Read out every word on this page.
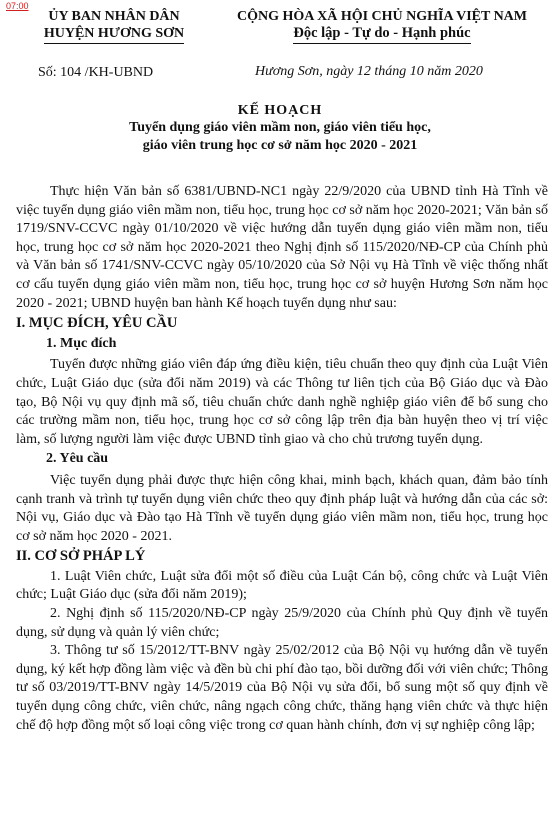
07:00
ỦY BAN NHÂN DÂN
HUYỆN HƯƠNG SƠN
CỘNG HÒA XÃ HỘI CHỦ NGHĨA VIỆT NAM
Độc lập - Tự do - Hạnh phúc
Số: 104 /KH-UBND	Hương Sơn, ngày 12 tháng 10 năm 2020
KẾ HOẠCH
Tuyển dụng giáo viên mầm non, giáo viên tiểu học,
giáo viên trung học cơ sở năm học 2020 - 2021

Thực hiện Văn bản số 6381/UBND-NC1 ngày 22/9/2020 của UBND tỉnh Hà Tĩnh về việc tuyển dụng giáo viên mầm non, tiểu học, trung học cơ sở năm học 2020-2021; Văn bản số 1719/SNV-CCVC ngày 01/10/2020 về việc hướng dẫn tuyển dụng giáo viên mầm non, tiểu học, trung học cơ sở năm học 2020-2021 theo Nghị định số 115/2020/NĐ-CP của Chính phủ và Văn bản số 1741/SNV-CCVC ngày 05/10/2020 của Sở Nội vụ Hà Tĩnh về việc thống nhất cơ cấu tuyển dụng giáo viên mầm non, tiểu học, trung học cơ sở huyện Hương Sơn năm học 2020 - 2021; UBND huyện ban hành Kế hoạch tuyển dụng như sau:

I. MỤC ĐÍCH, YÊU CẦU

1. Mục đích

Tuyển được những giáo viên đáp ứng điều kiện, tiêu chuẩn theo quy định của Luật Viên chức, Luật Giáo dục (sửa đổi năm 2019) và các Thông tư liên tịch của Bộ Giáo dục và Đào tạo, Bộ Nội vụ quy định mã số, tiêu chuẩn chức danh nghề nghiệp giáo viên để bổ sung cho các trường mầm non, tiểu học, trung học cơ sở công lập trên địa bàn huyện theo vị trí việc làm, số lượng người làm việc được UBND tỉnh giao và cho chủ trương tuyển dụng.

2. Yêu cầu

Việc tuyển dụng phải được thực hiện công khai, minh bạch, khách quan, đảm bảo tính cạnh tranh và trình tự tuyển dụng viên chức theo quy định pháp luật và hướng dẫn của các sở: Nội vụ, Giáo dục và Đào tạo Hà Tĩnh về tuyển dụng giáo viên mầm non, tiểu học, trung học cơ sở năm học 2020 - 2021.

II. CƠ SỞ PHÁP LÝ

1. Luật Viên chức, Luật sửa đổi một số điều của Luật Cán bộ, công chức và Luật Viên chức; Luật Giáo dục (sửa đổi năm 2019);

2. Nghị định số 115/2020/NĐ-CP ngày 25/9/2020 của Chính phủ Quy định về tuyển dụng, sử dụng và quản lý viên chức;

3. Thông tư số 15/2012/TT-BNV ngày 25/02/2012 của Bộ Nội vụ hướng dẫn về tuyển dụng, ký kết hợp đồng làm việc và đền bù chi phí đào tạo, bồi dưỡng đối với viên chức; Thông tư số 03/2019/TT-BNV ngày 14/5/2019 của Bộ Nội vụ sửa đổi, bổ sung một số quy định về tuyển dụng công chức, viên chức, nâng ngạch công chức, thăng hạng viên chức và thực hiện chế độ hợp đồng một số loại công việc trong cơ quan hành chính, đơn vị sự nghiệp công lập;
